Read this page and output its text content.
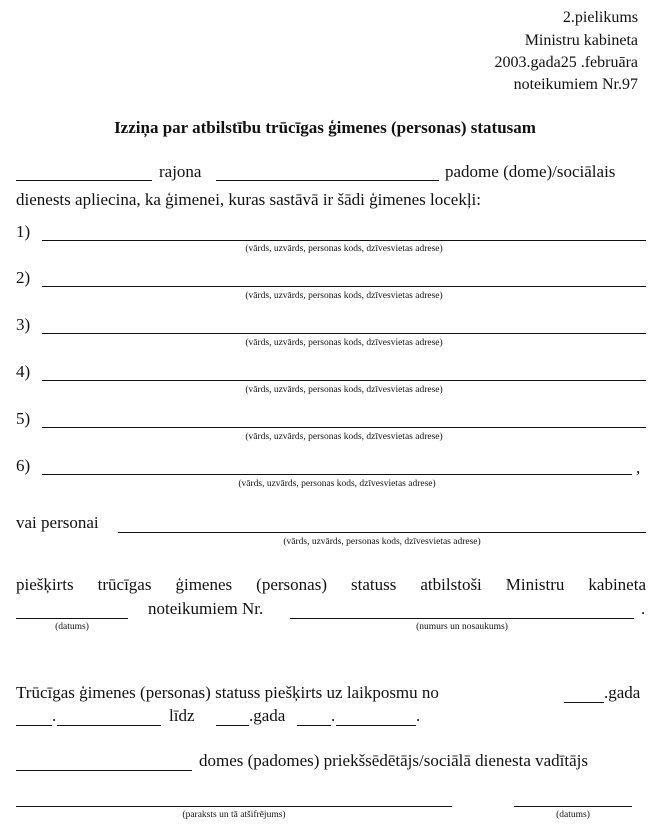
2.pielikums
Ministru kabineta
2003.gada25 .februāra
noteikumiem Nr.97
Izziņa par atbilstību trūcīgas ģimenes (personas) statusam
rajona	padome (dome)/sociālais
dienests apliecina, ka ģimenei, kuras sastāvā ir šādi ģimenes locekļi:
1)
(vārds, uzvārds, personas kods, dzīvesvietas adrese)
2)
(vārds, uzvārds, personas kods, dzīvesvietas adrese)
3)
(vārds, uzvārds, personas kods, dzīvesvietas adrese)
4)
(vārds, uzvārds, personas kods, dzīvesvietas adrese)
5)
(vārds, uzvārds, personas kods, dzīvesvietas adrese)
6)	,
(vārds, uzvārds, personas kods, dzīvesvietas adrese)
vai personai
(vārds, uzvārds, personas kods, dzīvesvietas adrese)
piešķirts trūcīgas ģimenes (personas) statuss atbilstoši Ministru kabineta
(datums)
noteikumiem Nr.
(numurs un nosaukums)
.
Trūcīgas ģimenes (personas) statuss piešķirts uz laikposmu no	.gada
.	līdz	.gada	.	.
domes (padomes) priekšsēdētājs/sociālā dienesta vadītājs
(paraksts un tā atšifrējums)	(datums)
